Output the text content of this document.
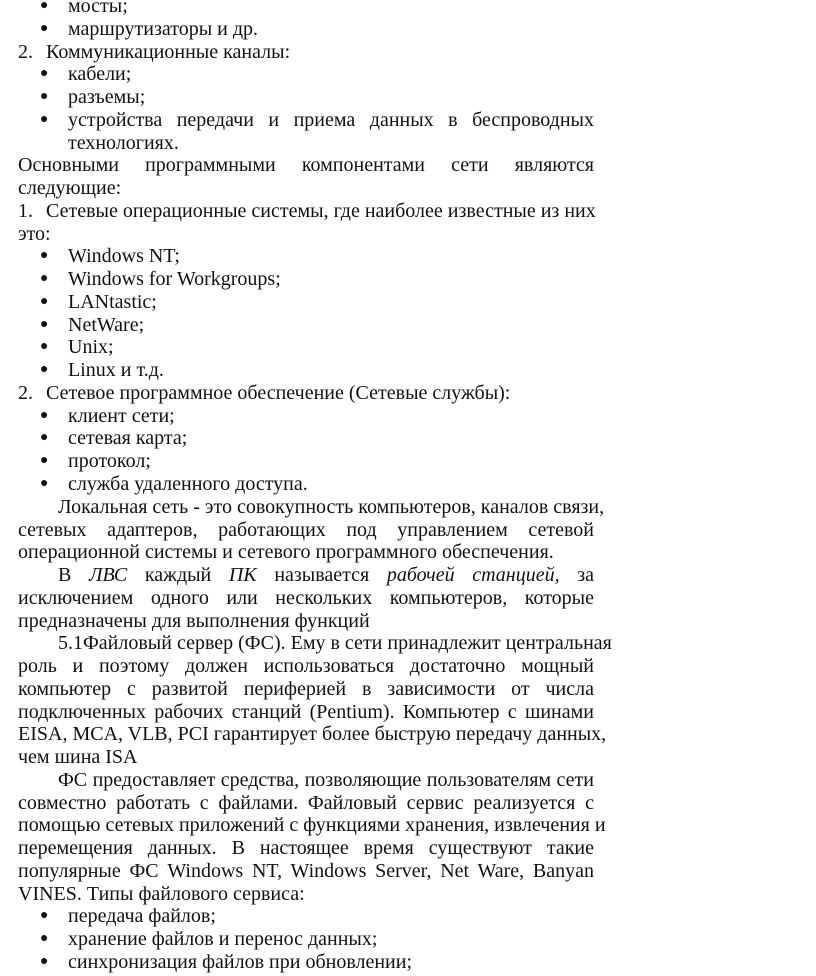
● мосты;
● маршрутизаторы и др.
2. Коммуникационные каналы:
● кабели;
● разъемы;
● устройства передачи и приема данных в беспроводных
технологиях.
Основными программными компонентами сети являются
следующие:
1. Сетевые операционные системы, где наиболее известные из них
это:
● Windows NT;
● Windows for Workgroups;
● LANtastic;
● NetWare;
● Unix;
● Linux и т.д.
2. Сетевое программное обеспечение (Сетевые службы):
● клиент сети;
● сетевая карта;
● протокол;
● служба удаленного доступа.
Локальная сеть - это совокупность компьютеров, каналов связи,
сетевых адаптеров, работающих под управлением сетевой
операционной системы и сетевого программного обеспечения.
В ЛВС каждый ПК называется рабочей станцией, за
исключением одного или нескольких компьютеров, которые
предназначены для выполнения функций
5.1Файловый сервер (ФС). Ему в сети принадлежит центральная
роль и поэтому должен использоваться достаточно мощный
компьютер с развитой периферией в зависимости от числа
подключенных рабочих станций (Pentium). Компьютер с шинами
EISA, MCA, VLB, PCI гарантирует более быструю передачу данных,
чем шина ISA
ФС предоставляет средства, позволяющие пользователям сети
совместно работать с файлами. Файловый сервис реализуется с
помощью сетевых приложений с функциями хранения, извлечения и
перемещения данных. В настоящее время существуют такие
популярные ФС Windows NT, Windows Server, Net Ware, Banyan
VINES. Типы файлового сервиса:
● передача файлов;
● хранение файлов и перенос данных;
● синхронизация файлов при обновлении;
